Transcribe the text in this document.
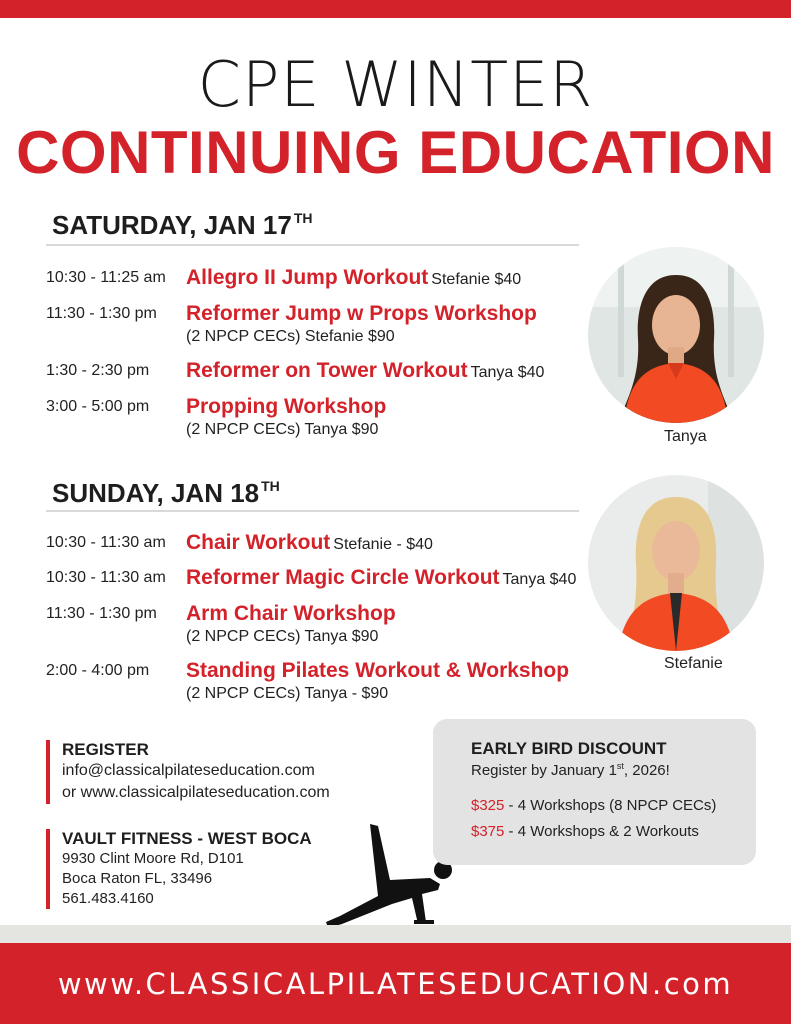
CPE WINTER
CONTINUING EDUCATION
SATURDAY, JAN 17 $^{TH}$
10:30 - 11:25 am Allegro II Jump Workout Stefanie $40
11:30 - 1:30 pm Reformer Jump w Props Workshop
(2 NPCP CECs) Stefanie $90
1:30 - 2:30 pm Reformer on Tower Workout Tanya $40
3:00 - 5:00 pm Propping Workshop
(2 NPCP CECs) Tanya $90
SUNDAY, JAN 18 $^{TH}$
10:30 - 11:30 am Chair Workout Stefanie - $40
10:30 - 11:30 am Reformer Magic Circle Workout Tanya $40
11:30 - 1:30 pm Arm Chair Workshop
(2 NPCP CECs) Tanya $90
2:00 - 4:00 pm Standing Pilates Workout & Workshop
(2 NPCP CECs) Tanya - $90
Tanya
Stefanie
REGISTER
info@classicalpilateseducation.com
or www.classicalpilateseducation.com
VAULT FITNESS - WEST BOCA
9930 Clint Moore Rd, D101
Boca Raton FL, 33496
561.483.4160
EARLY BIRD DISCOUNT
Register by January 1st, 2026!
$325 - 4 Workshops (8 NPCP CECs)
$375 - 4 Workshops & 2 Workouts
www.CLASSICALPILATESEDUCATION.com
